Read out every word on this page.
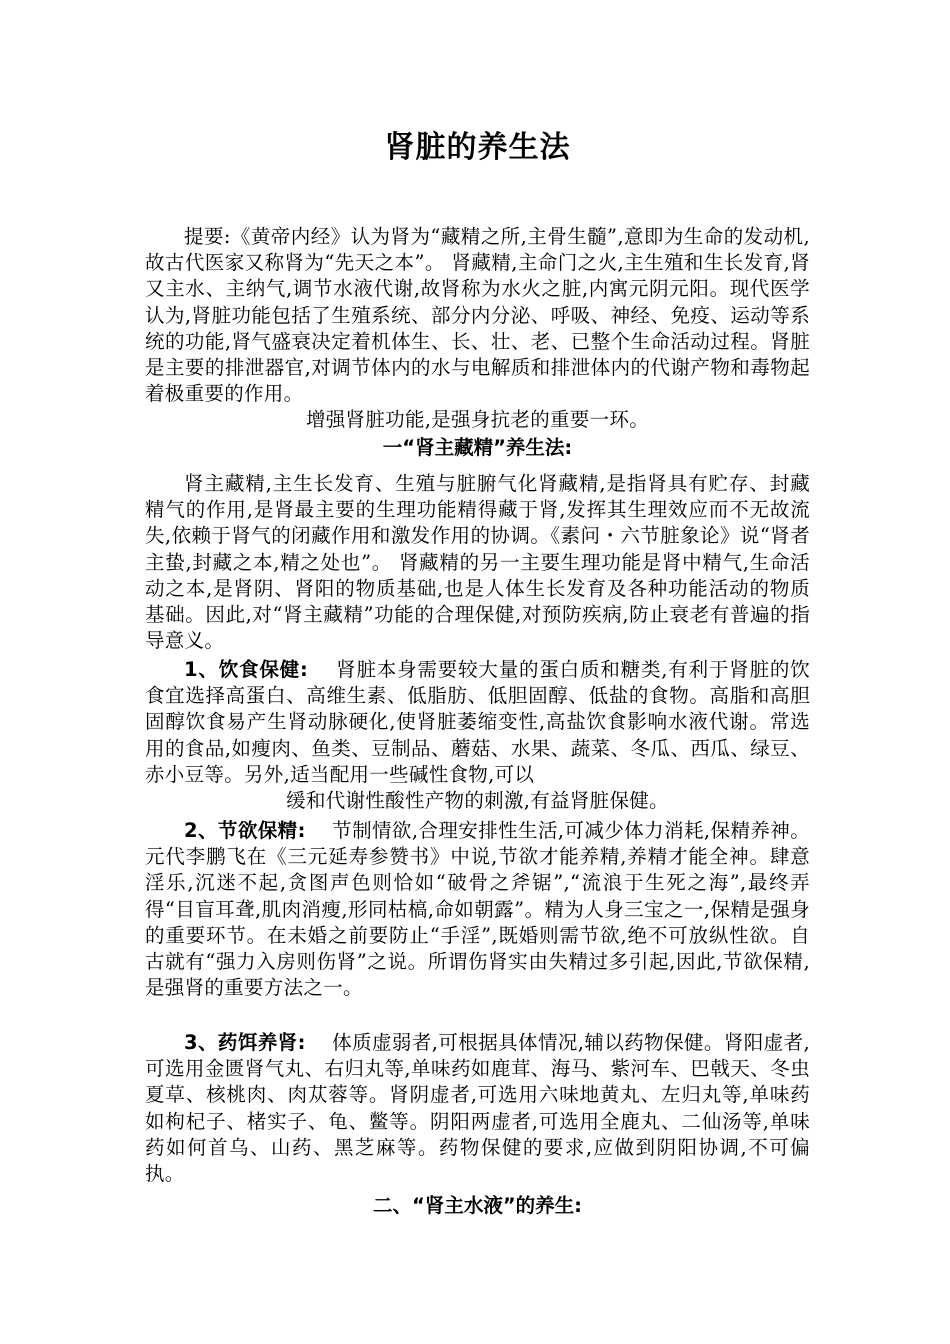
肾脏的养生法
提要:《黄帝内经》认为肾为“藏精之所,主骨生髓”,意即为生命的发动机,故古代医家又称肾为“先天之本”。 肾藏精,主命门之火,主生殖和生长发育,肾又主水、主纳气,调节水液代谢,故肾称为水火之脏,内寓元阴元阳。现代医学认为,肾脏功能包括了生殖系统、部分内分泌、呼吸、神经、免疫、运动等系统的功能,肾气盛衰决定着机体生、长、壮、老、已整个生命活动过程。肾脏是主要的排泄器官,对调节体内的水与电解质和排泄体内的代谢产物和毒物起着极重要的作用。
增强肾脏功能,是强身抗老的重要一环。
一“肾主藏精”养生法:
肾主藏精,主生长发育、生殖与脏腑气化肾藏精,是指肾具有贮存、封藏精气的作用,是肾最主要的生理功能精得藏于肾,发挥其生理效应而不无故流失,依赖于肾气的闭藏作用和激发作用的协调。《素问・六节脏象论》说“肾者主蛰,封藏之本,精之处也”。 肾藏精的另一主要生理功能是肾中精气,生命活动之本,是肾阴、肾阳的物质基础,也是人体生长发育及各种功能活动的物质基础。因此,对“肾主藏精”功能的合理保健,对预防疾病,防止衰老有普遍的指导意义。
1、饮食保健: 肾脏本身需要较大量的蛋白质和糖类,有利于肾脏的饮食宜选择高蛋白、高维生素、低脂肪、低胆固醇、低盐的食物。高脂和高胆固醇饮食易产生肾动脉硬化,使肾脏萎缩变性,高盐饮食影响水液代谢。常选用的食品,如瘦肉、鱼类、豆制品、蘑菇、水果、蔬菜、冬瓜、西瓜、绿豆、赤小豆等。另外,适当配用一些碱性食物,可以
缓和代谢性酸性产物的刺激,有益肾脏保健。
2、节欲保精: 节制情欲,合理安排性生活,可减少体力消耗,保精养神。元代李鹏飞在《三元延寿参赞书》中说,节欲才能养精,养精才能全神。肆意淫乐,沉迷不起,贪图声色则恰如“破骨之斧锯”,“流浪于生死之海”,最终弄得“目盲耳聋,肌肉消瘦,形同枯槁,命如朝露”。精为人身三宝之一,保精是强身的重要环节。在未婚之前要防止“手淫”,既婚则需节欲,绝不可放纵性欲。自古就有“强力入房则伤肾”之说。所谓伤肾实由失精过多引起,因此,节欲保精,是强肾的重要方法之一。
3、药饵养肾: 体质虚弱者,可根据具体情况,辅以药物保健。肾阳虚者,可选用金匮肾气丸、右归丸等,单味药如鹿茸、海马、紫河车、巴戟天、冬虫夏草、核桃肉、肉苁蓉等。肾阴虚者,可选用六味地黄丸、左归丸等,单味药如枸杞子、楮实子、龟、鳖等。阴阳两虚者,可选用全鹿丸、二仙汤等,单味药如何首乌、山药、黑芝麻等。药物保健的要求,应做到阴阳协调,不可偏执。
二、“肾主水液”的养生:
